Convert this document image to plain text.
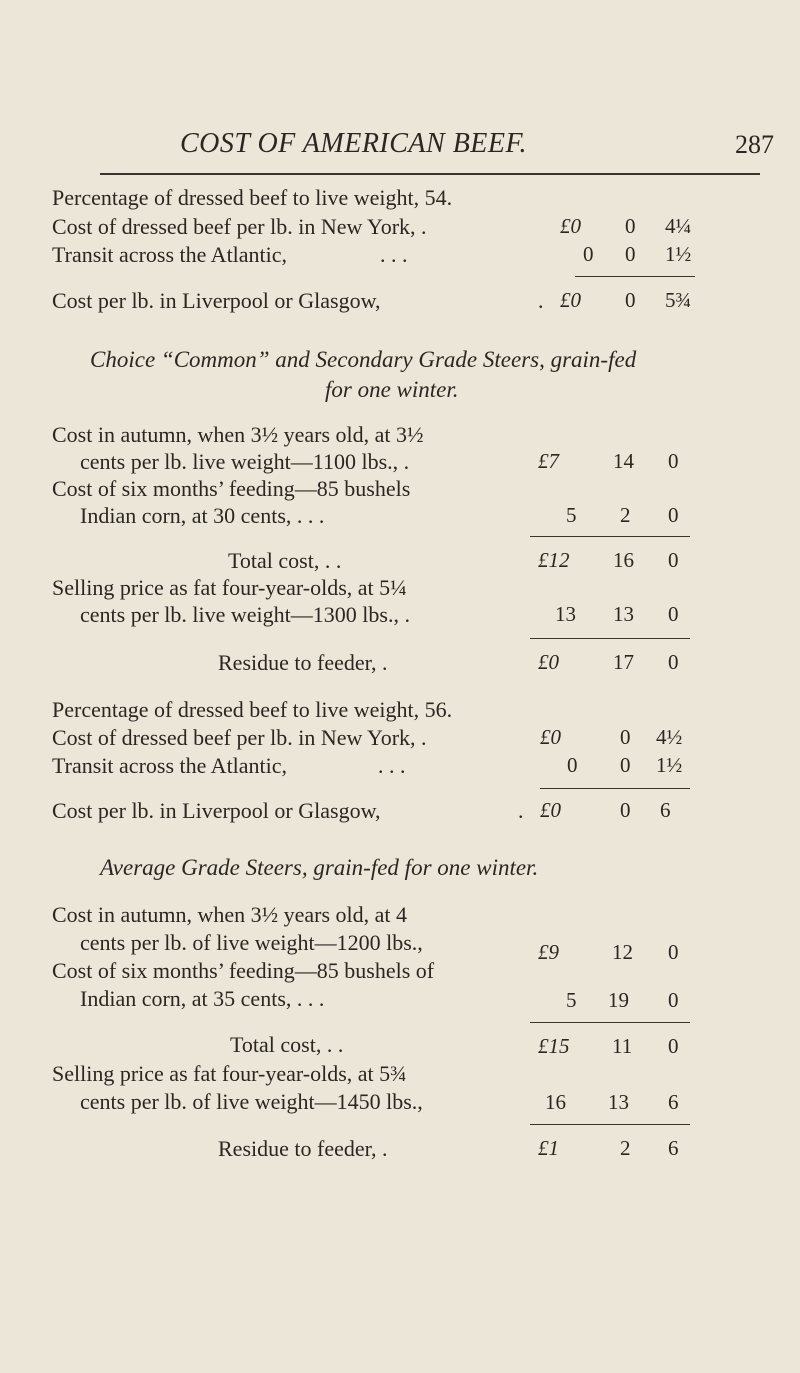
COST OF AMERICAN BEEF.	287
Percentage of dressed beef to live weight, 54.
Cost of dressed beef per lb. in New York, .	£0 0 4¼
Transit across the Atlantic,	. . .	0 0 1½
Cost per lb. in Liverpool or Glasgow,	. £0 0 5¾
Choice “Common” and Secondary Grade Steers, grain-fed
for one winter.
Cost in autumn, when 3½ years old, at 3½
cents per lb. live weight—1100 lbs., .	£7	14 0
Cost of six months’ feeding—85 bushels
Indian corn, at 30 cents, . . .	5 2 0
Total cost, . .	£12 16 0
Selling price as fat four-year-olds, at 5¼
cents per lb. live weight—1300 lbs., .	13 13 0
Residue to feeder, .	£0	17 0
Percentage of dressed beef to live weight, 56.
Cost of dressed beef per lb. in New York, .	£0	0 4½
Transit across the Atlantic,	. . .	0 0 1½
Cost per lb. in Liverpool or Glasgow,	. £0	0 6
Average Grade Steers, grain-fed for one winter.
Cost in autumn, when 3½ years old, at 4
cents per lb. of live weight—1200 lbs.,	£9	12 0
Cost of six months’ feeding—85 bushels of
Indian corn, at 35 cents, . . .	5 19 0
Total cost, . .	£15 11 0
Selling price as fat four-year-olds, at 5¾
cents per lb. of live weight—1450 lbs.,	16 13 6
Residue to feeder, .	£1	2 6
